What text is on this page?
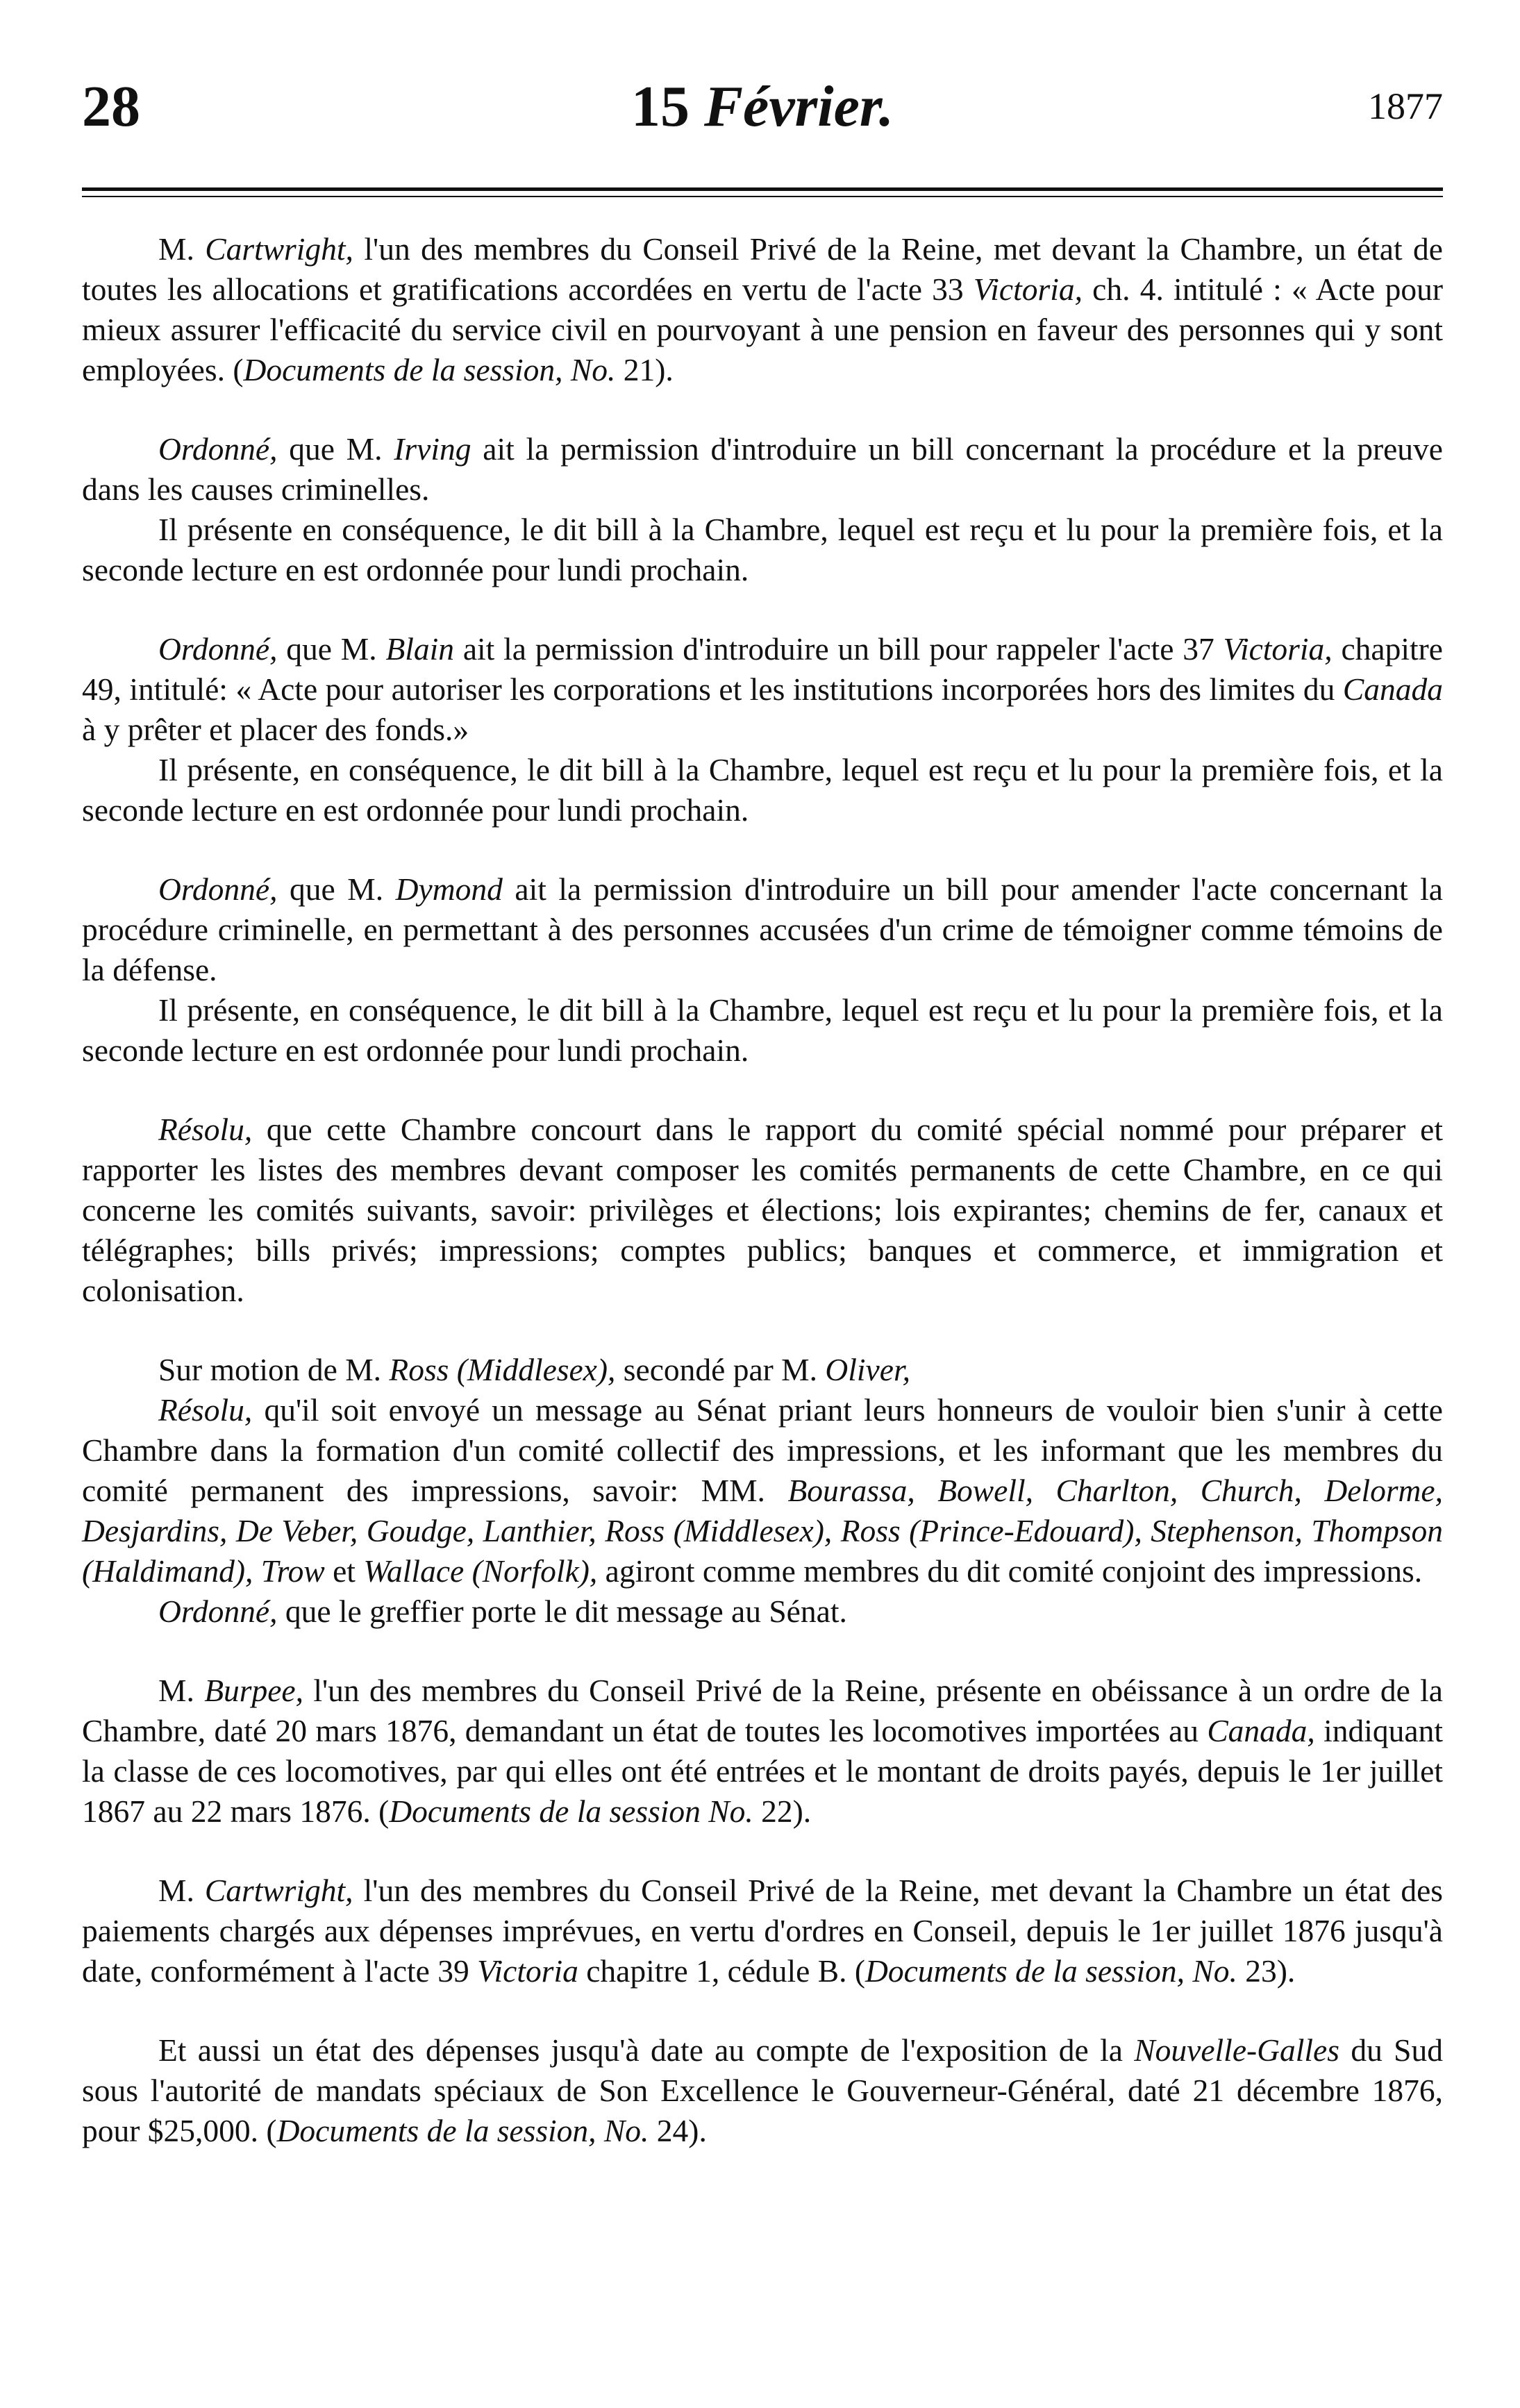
28	15 Février.	1877

M. Cartwright, l'un des membres du Conseil Privé de la Reine, met devant la Chambre, un état de toutes les allocations et gratifications accordées en vertu de l'acte 33 Victoria, ch. 4. intitulé : « Acte pour mieux assurer l'efficacité du service civil en pourvoyant à une pension en faveur des personnes qui y sont employées. (Documents de la session, No. 21).

Ordonné, que M. Irving ait la permission d'introduire un bill concernant la procédure et la preuve dans les causes criminelles.

Il présente en conséquence, le dit bill à la Chambre, lequel est reçu et lu pour la première fois, et la seconde lecture en est ordonnée pour lundi prochain.

Ordonné, que M. Blain ait la permission d'introduire un bill pour rappeler l'acte 37 Victoria, chapitre 49, intitulé: « Acte pour autoriser les corporations et les institutions incorporées hors des limites du Canada à y prêter et placer des fonds.»

Il présente, en conséquence, le dit bill à la Chambre, lequel est reçu et lu pour la première fois, et la seconde lecture en est ordonnée pour lundi prochain.

Ordonné, que M. Dymond ait la permission d'introduire un bill pour amender l'acte concernant la procédure criminelle, en permettant à des personnes accusées d'un crime de témoigner comme témoins de la défense.

Il présente, en conséquence, le dit bill à la Chambre, lequel est reçu et lu pour la première fois, et la seconde lecture en est ordonnée pour lundi prochain.

Résolu, que cette Chambre concourt dans le rapport du comité spécial nommé pour préparer et rapporter les listes des membres devant composer les comités permanents de cette Chambre, en ce qui concerne les comités suivants, savoir: privilèges et élections; lois expirantes; chemins de fer, canaux et télégraphes; bills privés; impressions; comptes publics; banques et commerce, et immigration et colonisation.

Sur motion de M. Ross (Middlesex), secondé par M. Oliver,

Résolu, qu'il soit envoyé un message au Sénat priant leurs honneurs de vouloir bien s'unir à cette Chambre dans la formation d'un comité collectif des impressions, et les informant que les membres du comité permanent des impressions, savoir: MM. Bourassa, Bowell, Charlton, Church, Delorme, Desjardins, De Veber, Goudge, Lanthier, Ross (Middlesex), Ross (Prince-Edouard), Stephenson, Thompson (Haldimand), Trow et Wallace (Norfolk), agiront comme membres du dit comité conjoint des impressions.

Ordonné, que le greffier porte le dit message au Sénat.

M. Burpee, l'un des membres du Conseil Privé de la Reine, présente en obéissance à un ordre de la Chambre, daté 20 mars 1876, demandant un état de toutes les locomotives importées au Canada, indiquant la classe de ces locomotives, par qui elles ont été entrées et le montant de droits payés, depuis le 1er juillet 1867 au 22 mars 1876. (Documents de la session No. 22).

M. Cartwright, l'un des membres du Conseil Privé de la Reine, met devant la Chambre un état des paiements chargés aux dépenses imprévues, en vertu d'ordres en Conseil, depuis le 1er juillet 1876 jusqu'à date, conformément à l'acte 39 Victoria chapitre 1, cédule B. (Documents de la session, No. 23).

Et aussi un état des dépenses jusqu'à date au compte de l'exposition de la Nouvelle-Galles du Sud sous l'autorité de mandats spéciaux de Son Excellence le Gouverneur-Général, daté 21 décembre 1876, pour $25,000. (Documents de la session, No. 24).
